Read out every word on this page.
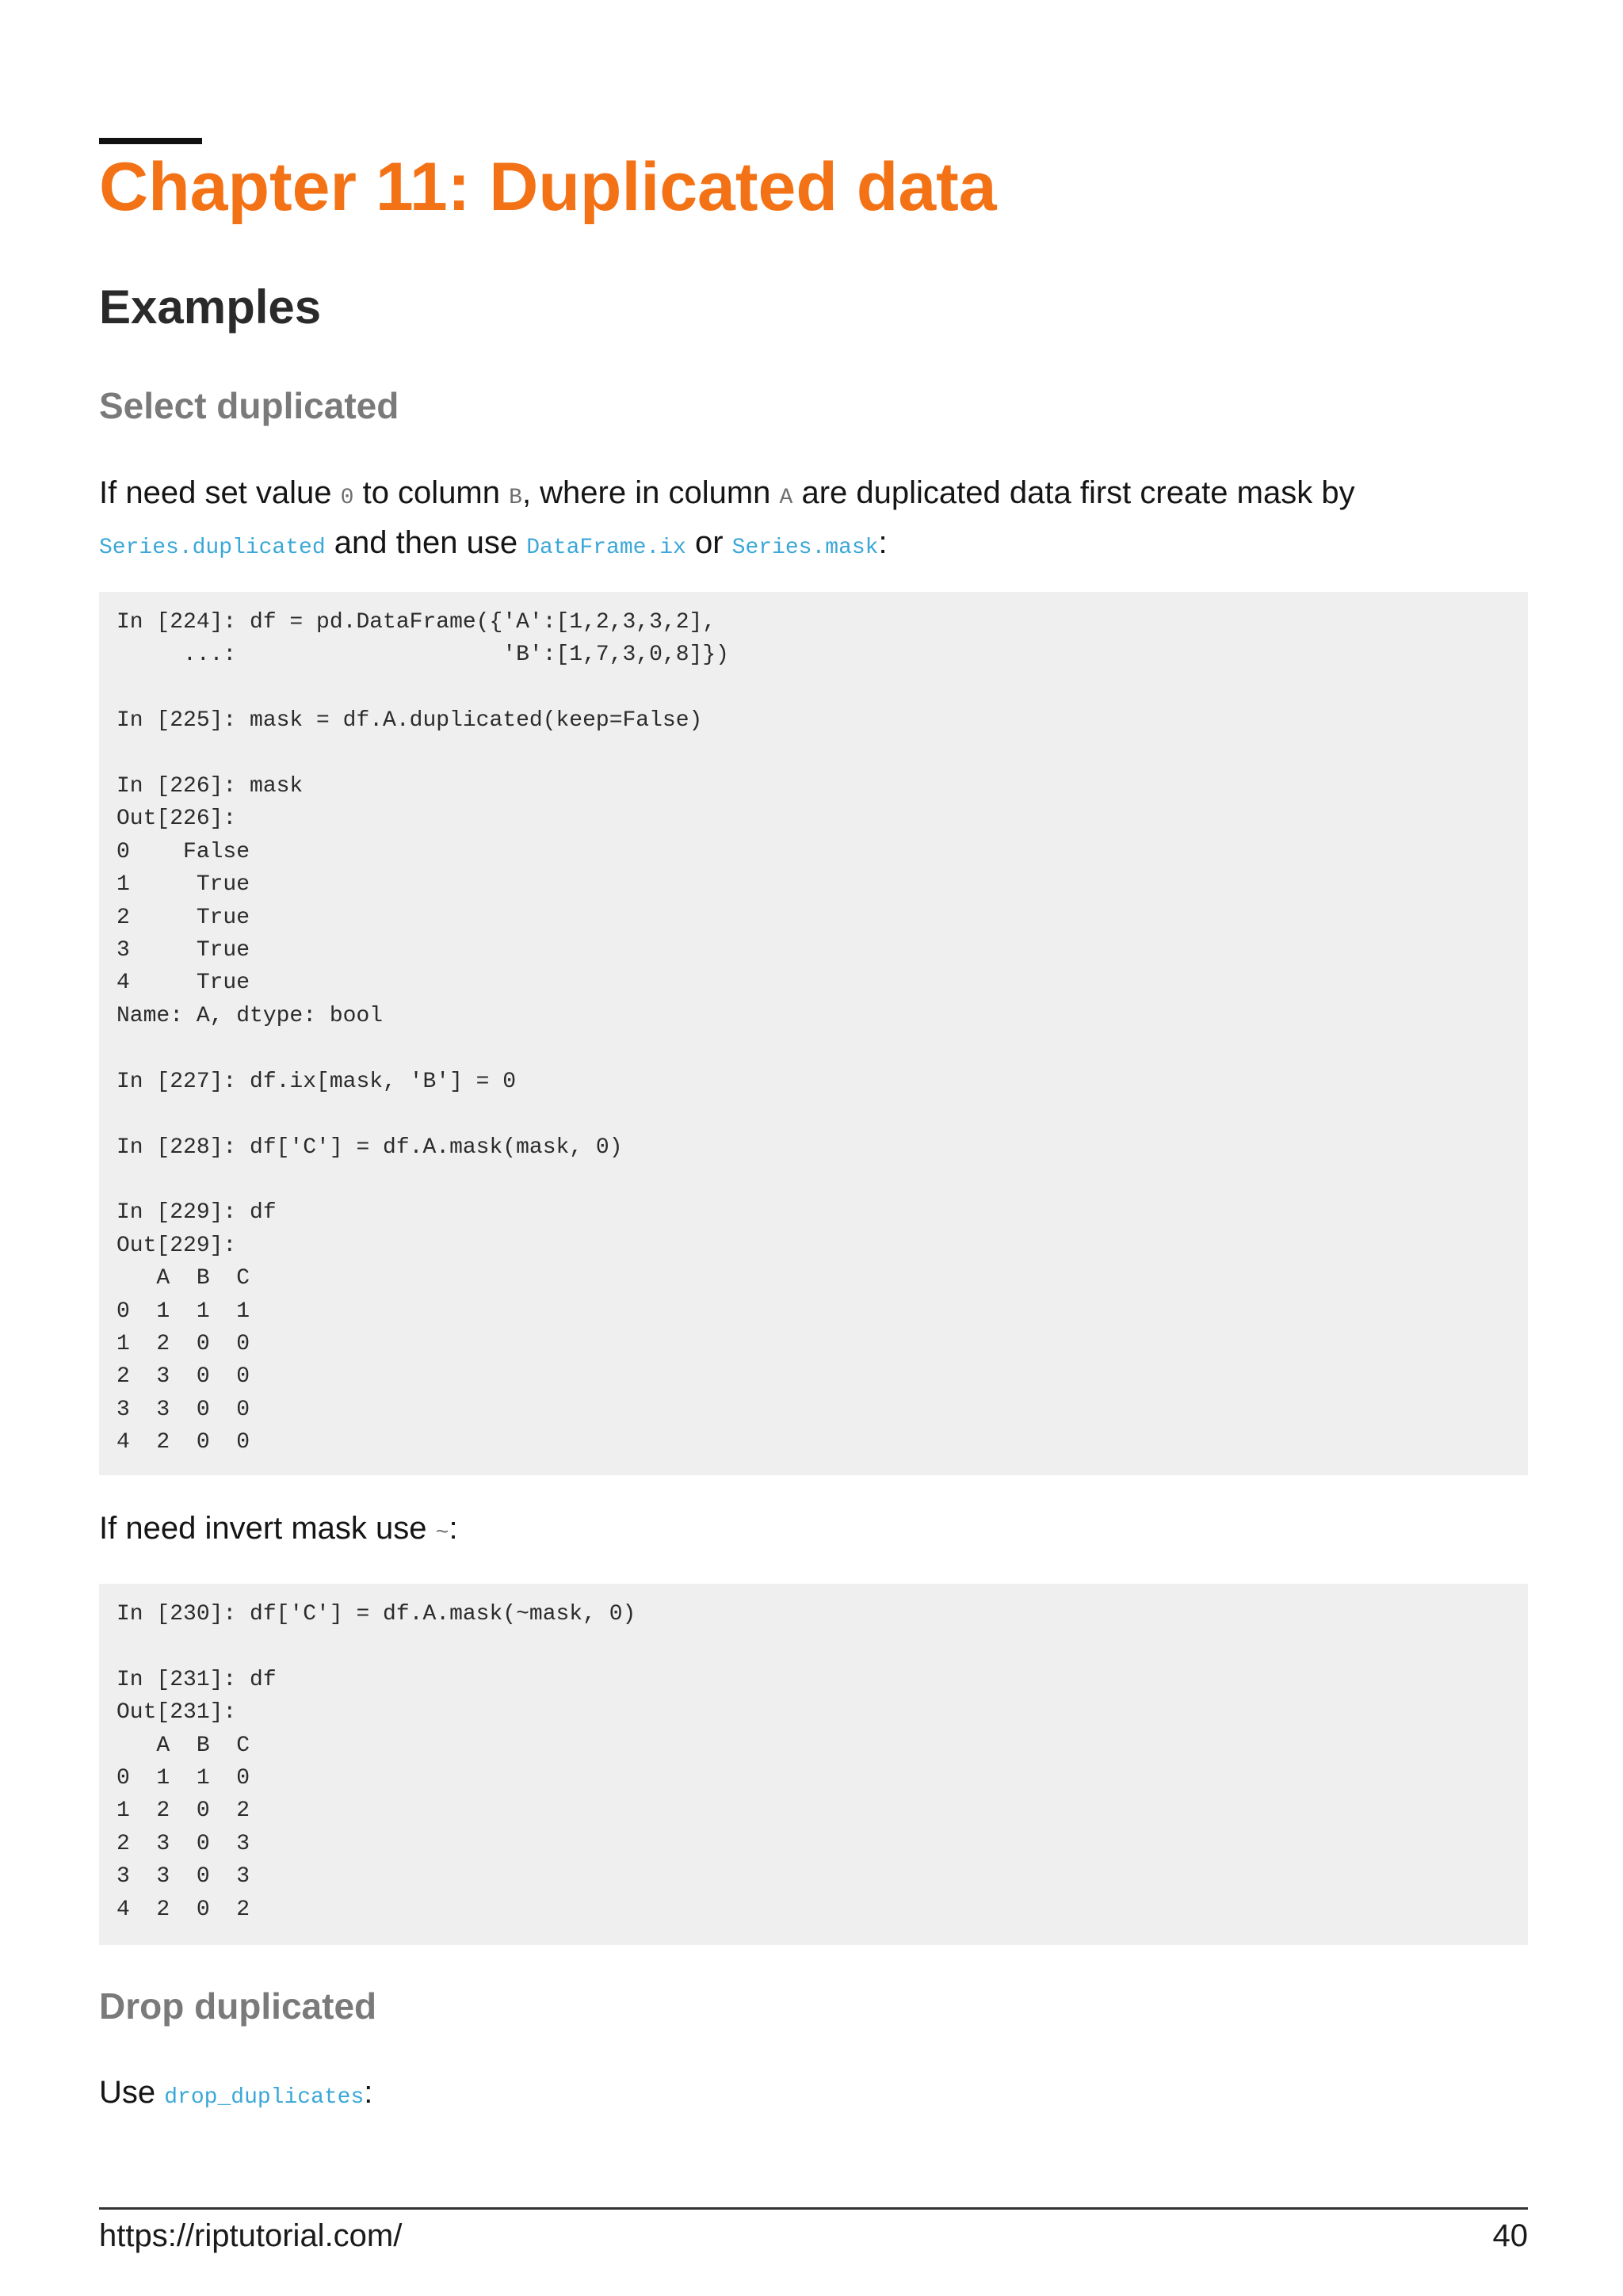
Chapter 11: Duplicated data
Examples
Select duplicated

If need set value 0 to column B, where in column A are duplicated data first create mask by Series.duplicated and then use DataFrame.ix or Series.mask:

In [224]: df = pd.DataFrame({'A':[1,2,3,3,2],
...:                    'B':[1,7,3,0,8]})

In [225]: mask = df.A.duplicated(keep=False)

In [226]: mask
Out[226]:
0    False
1     True
2     True
3     True
4     True
Name: A, dtype: bool

In [227]: df.ix[mask, 'B'] = 0

In [228]: df['C'] = df.A.mask(mask, 0)

In [229]: df
Out[229]:
A  B  C
0  1  1  1
1  2  0  0
2  3  0  0
3  3  0  0
4  2  0  0

If need invert mask use ~:

In [230]: df['C'] = df.A.mask(~mask, 0)

In [231]: df
Out[231]:
A  B  C
0  1  1  0
1  2  0  2
2  3  0  3
3  3  0  3
4  2  0  2
Drop duplicated

Use drop_duplicates:

https://riptutorial.com/	40
